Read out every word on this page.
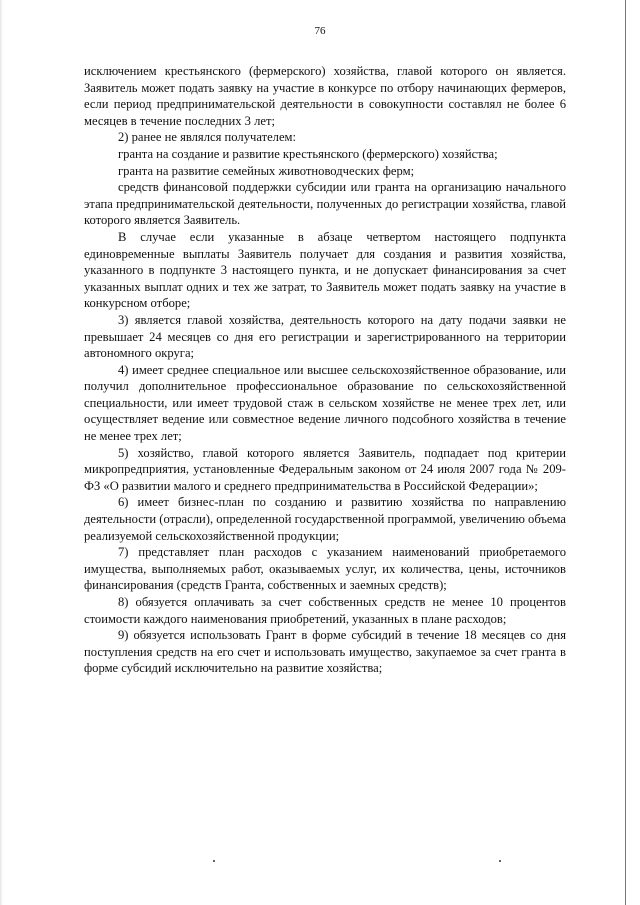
76

исключением крестьянского (фермерского) хозяйства, главой которого он является. Заявитель может подать заявку на участие в конкурсе по отбору начинающих фермеров, если период предпринимательской деятельности в совокупности составлял не более 6 месяцев в течение последних 3 лет;

2) ранее не являлся получателем:

гранта на создание и развитие крестьянского (фермерского) хозяйства;

гранта на развитие семейных животноводческих ферм;

средств финансовой поддержки субсидии или гранта на организацию начального этапа предпринимательской деятельности, полученных до регистрации хозяйства, главой которого является Заявитель.

В случае если указанные в абзаце четвертом настоящего подпункта единовременные выплаты Заявитель получает для создания и развития хозяйства, указанного в подпункте 3 настоящего пункта, и не допускает финансирования за счет указанных выплат одних и тех же затрат, то Заявитель может подать заявку на участие в конкурсном отборе;

3) является главой хозяйства, деятельность которого на дату подачи заявки не превышает 24 месяцев со дня его регистрации и зарегистрированного на территории автономного округа;

4) имеет среднее специальное или высшее сельскохозяйственное образование, или получил дополнительное профессиональное образование по сельскохозяйственной специальности, или имеет трудовой стаж в сельском хозяйстве не менее трех лет, или осуществляет ведение или совместное ведение личного подсобного хозяйства в течение не менее трех лет;

5) хозяйство, главой которого является Заявитель, подпадает под критерии микропредприятия, установленные Федеральным законом от 24 июля 2007 года № 209-ФЗ «О развитии малого и среднего предпринимательства в Российской Федерации»;

6) имеет бизнес-план по созданию и развитию хозяйства по направлению деятельности (отрасли), определенной государственной программой, увеличению объема реализуемой сельскохозяйственной продукции;

7) представляет план расходов с указанием наименований приобретаемого имущества, выполняемых работ, оказываемых услуг, их количества, цены, источников финансирования (средств Гранта, собственных и заемных средств);

8) обязуется оплачивать за счет собственных средств не менее 10 процентов стоимости каждого наименования приобретений, указанных в плане расходов;

9) обязуется использовать Грант в форме субсидий в течение 18 месяцев со дня поступления средств на его счет и использовать имущество, закупаемое за счет гранта в форме субсидий исключительно на развитие хозяйства;
